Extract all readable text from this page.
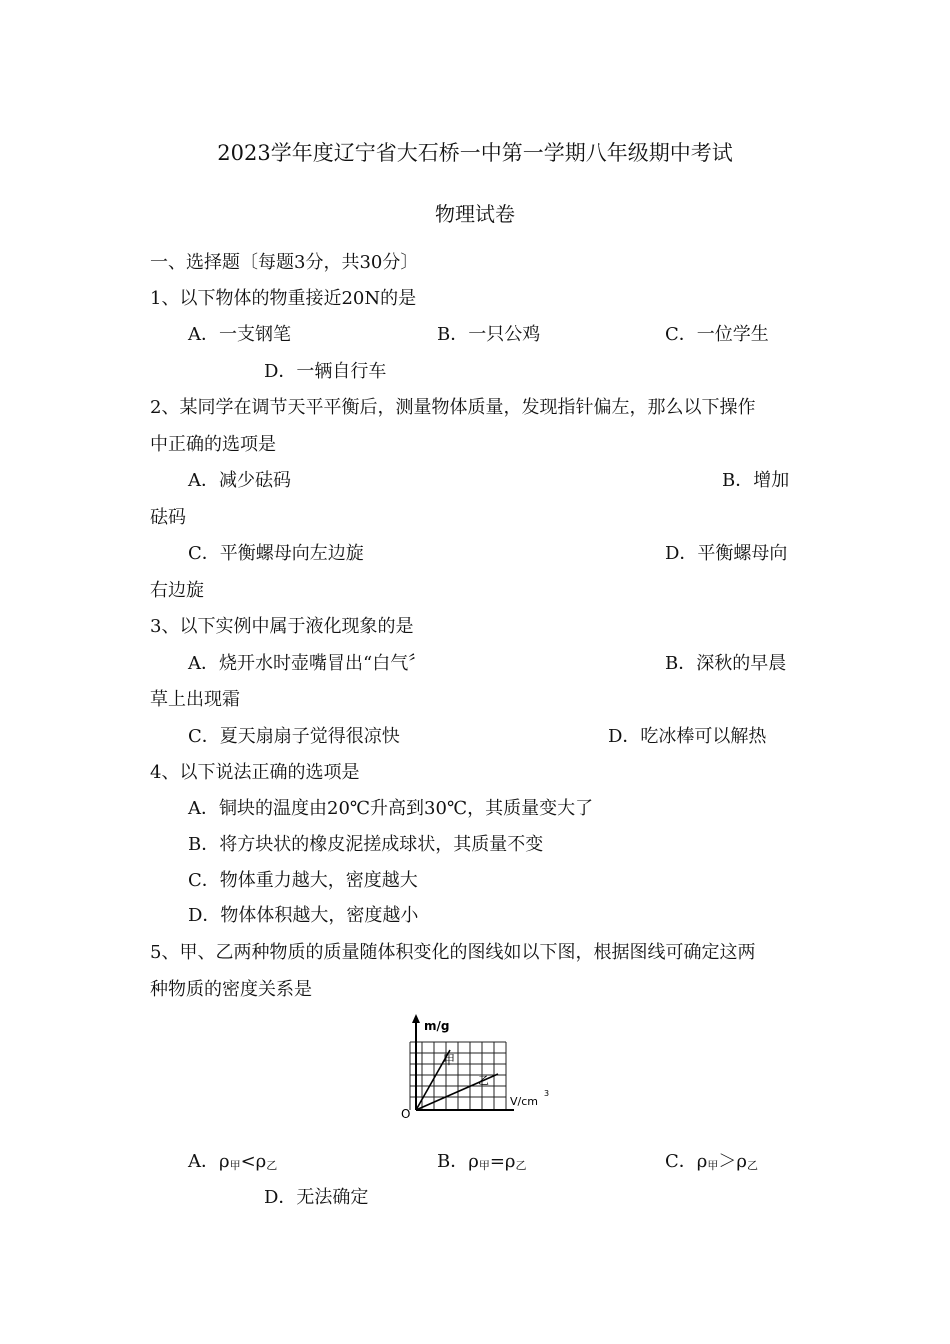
2023学年度辽宁省大石桥一中第一学期八年级期中考试
物理试卷
一、选择题〔每题3分，共30分〕
1、以下物体的物重接近20N的是
A．一支钢笔	B．一只公鸡	C．一位学生
D．一辆自行车
2、某同学在调节天平平衡后，测量物体质量，发现指针偏左，那么以下操作
中正确的选项是
A．减少砝码	B．增加
砝码
C．平衡螺母向左边旋	D．平衡螺母向
右边旋
3、以下实例中属于液化现象的是
A．烧开水时壶嘴冒出“白气〞	B．深秋的早晨
草上出现霜
C．夏天扇扇子觉得很凉快	D．吃冰棒可以解热
4、以下说法正确的选项是
A．铜块的温度由20℃升高到30℃，其质量变大了
B．将方块状的橡皮泥搓成球状，其质量不变
C．物体重力越大，密度越大
D．物体体积越大，密度越小
5、甲、乙两种物质的质量随体积变化的图线如以下图，根据图线可确定这两
种物质的密度关系是
m/g
V/cm
3
O
甲
乙
A．$\rho_甲<\rho_乙$	B．$\rho_甲=\rho_乙$	C．$\rho_甲>\rho_乙$
D．无法确定
